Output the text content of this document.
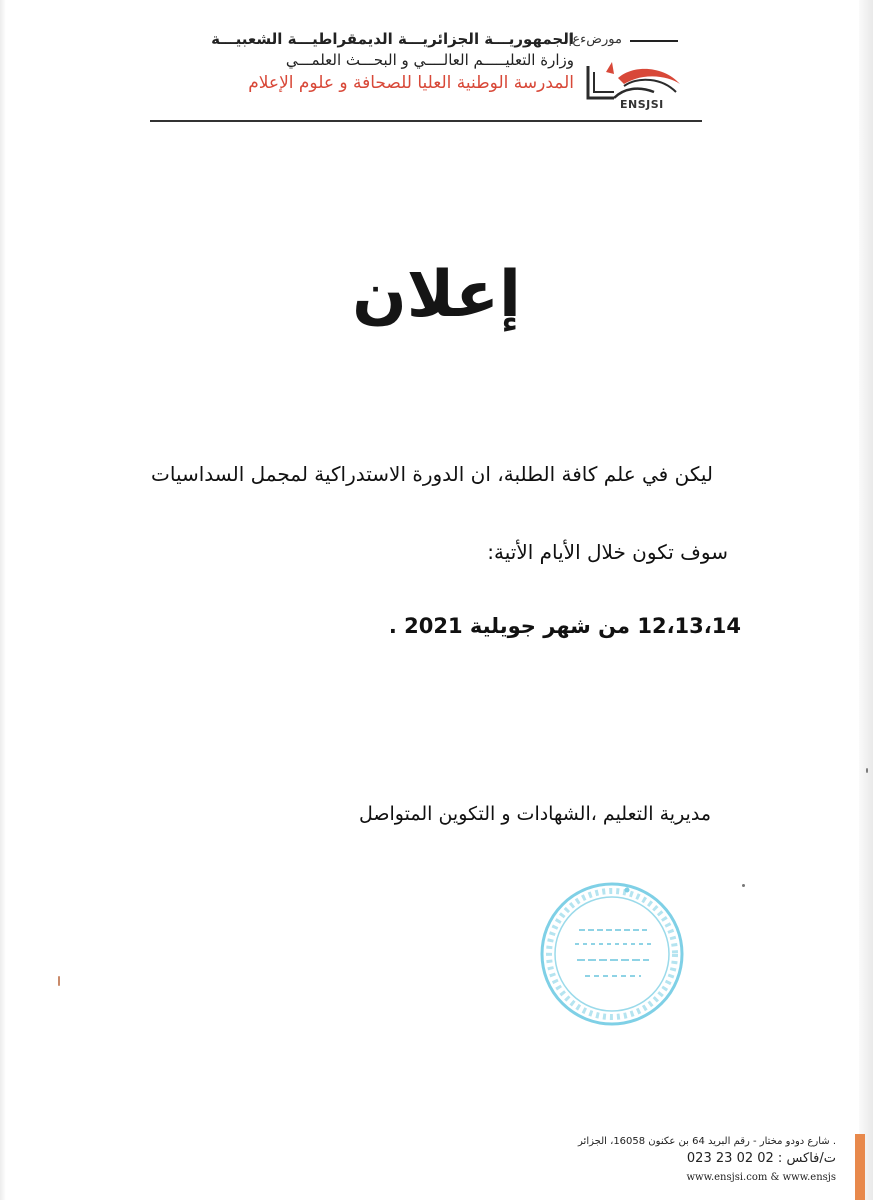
الجمهوريـــة الجزائريـــة الديمقراطيـــة الشعبيـــة
وزارة التعليـــــم العالــــي و البحـــث العلمـــي
المدرسة الوطنية العليا للصحافة و علوم الإعلام
مورضءع|
ENSJSI
إعلان
ليكن في علم كافة الطلبة، ان الدورة الاستدراكية لمجمل السداسيات
سوف تكون خلال الأيام الأتية:
12،13،14 من شهر جويلية 2021 .
مديرية التعليم ،الشهادات و التكوين المتواصل
. شارع دودو مختار - رقم البريد 64 بن عكنون 16058، الجزائر
ت/فاكس : 02 02 23 023
www.ensjsi.com & www.ensjs
